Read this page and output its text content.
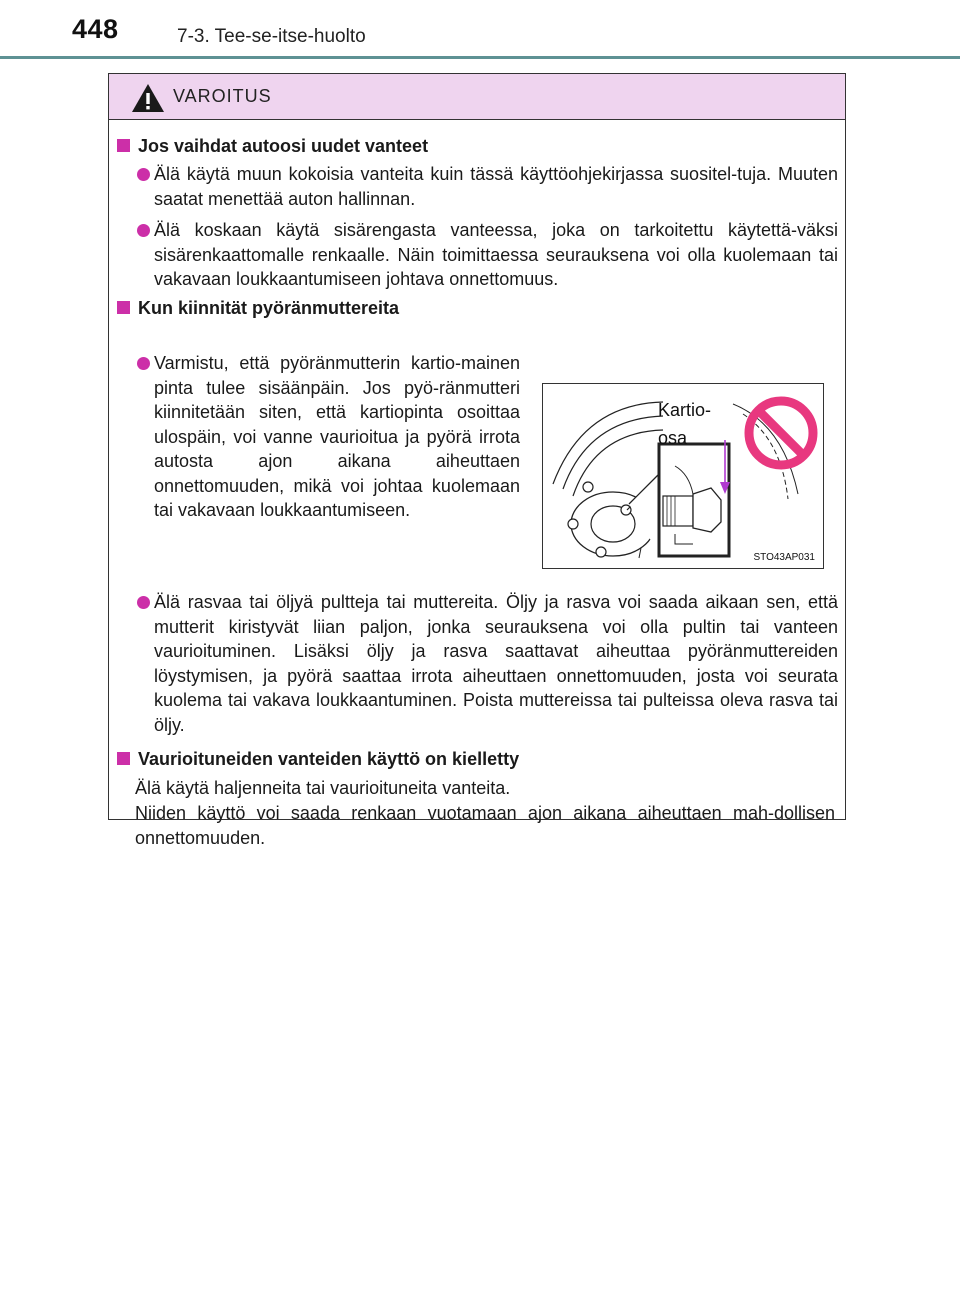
448	7-3. Tee-se-itse-huolto
VAROITUS
Jos vaihdat autoosi uudet vanteet
Älä käytä muun kokoisia vanteita kuin tässä käyttöohjekirjassa suositel-tuja. Muuten saatat menettää auton hallinnan.
Älä koskaan käytä sisärengasta vanteessa, joka on tarkoitettu käytettä-väksi sisärenkaattomalle renkaalle. Näin toimittaessa seurauksena voi olla kuolemaan tai vakavaan loukkaantumiseen johtava onnettomuus.
Kun kiinnität pyöränmuttereita
Varmistu, että pyöränmutterin kartio-mainen pinta tulee sisäänpäin. Jos pyö-ränmutteri kiinnitetään siten, että kartiopinta osoittaa ulospäin, voi vanne vaurioitua ja pyörä irrota autosta ajon aikana aiheuttaen onnettomuuden, mikä voi johtaa kuolemaan tai vakavaan loukkaantumiseen.
Kartio-
osa
STO43AP031
Älä rasvaa tai öljyä pultteja tai muttereita. Öljy ja rasva voi saada aikaan sen, että mutterit kiristyvät liian paljon, jonka seurauksena voi olla pultin tai vanteen vaurioituminen. Lisäksi öljy ja rasva saattavat aiheuttaa pyöränmuttereiden löystymisen, ja pyörä saattaa irrota aiheuttaen onnettomuuden, josta voi seurata kuolema tai vakava loukkaantuminen. Poista muttereissa tai pulteissa oleva rasva tai öljy.
Vaurioituneiden vanteiden käyttö on kielletty
Älä käytä haljenneita tai vaurioituneita vanteita.
Niiden käyttö voi saada renkaan vuotamaan ajon aikana aiheuttaen mah-dollisen onnettomuuden.
